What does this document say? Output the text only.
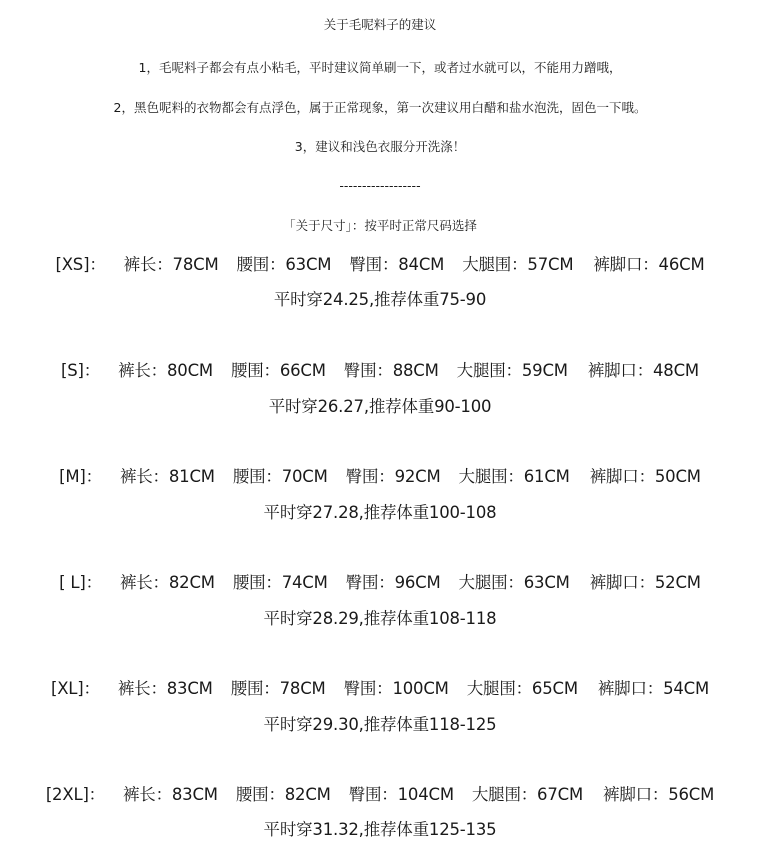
关于毛呢料子的建议
1，毛呢料子都会有点小粘毛，平时建议简单刷一下，或者过水就可以，不能用力蹭哦，
2，黑色呢料的衣物都会有点浮色，属于正常现象，第一次建议用白醋和盐水泡洗，固色一下哦。
3，建议和浅色衣服分开洗涤！
------------------
「关于尺寸」：按平时正常尺码选择
[XS]： 裤长：78CM 腰围：63CM 臀围：84CM 大腿围：57CM 裤脚口：46CM
平时穿24.25,推荐体重75-90
[S]： 裤长：80CM 腰围：66CM 臀围：88CM 大腿围：59CM 裤脚口：48CM
平时穿26.27,推荐体重90-100
[M]： 裤长：81CM 腰围：70CM 臀围：92CM 大腿围：61CM 裤脚口：50CM
平时穿27.28,推荐体重100-108
[ L]： 裤长：82CM 腰围：74CM 臀围：96CM 大腿围：63CM 裤脚口：52CM
平时穿28.29,推荐体重108-118
[XL]： 裤长：83CM 腰围：78CM 臀围：100CM 大腿围：65CM 裤脚口：54CM
平时穿29.30,推荐体重118-125
[2XL]： 裤长：83CM 腰围：82CM 臀围：104CM 大腿围：67CM 裤脚口：56CM
平时穿31.32,推荐体重125-135
